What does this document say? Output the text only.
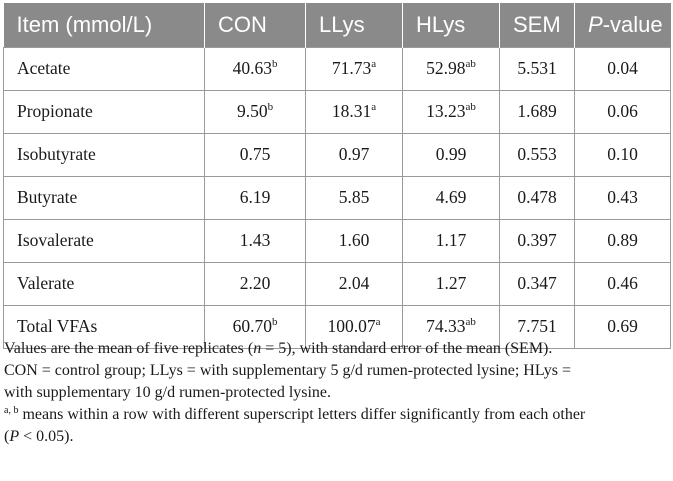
Item (mmol/L)	CON	LLys	HLys	SEM	P-value
Acetate	40.63$^b$	71.73$^a$	52.98$^{ab}$	5.531	0.04
Propionate	9.50$^b$	18.31$^a$	13.23$^{ab}$	1.689	0.06
Isobutyrate	0.75	0.97	0.99	0.553	0.10
Butyrate	6.19	5.85	4.69	0.478	0.43
Isovalerate	1.43	1.60	1.17	0.397	0.89
Valerate	2.20	2.04	1.27	0.347	0.46
Total VFAs	60.70$^b$	100.07$^a$	74.33$^{ab}$	7.751	0.69

Values are the mean of five replicates (n = 5), with standard error of the mean (SEM).

CON = control group; LLys = with supplementary 5 g/d rumen-protected lysine; HLys =

with supplementary 10 g/d rumen-protected lysine.

$^{a, b}$ means within a row with different superscript letters differ significantly from each other

(P < 0.05).
